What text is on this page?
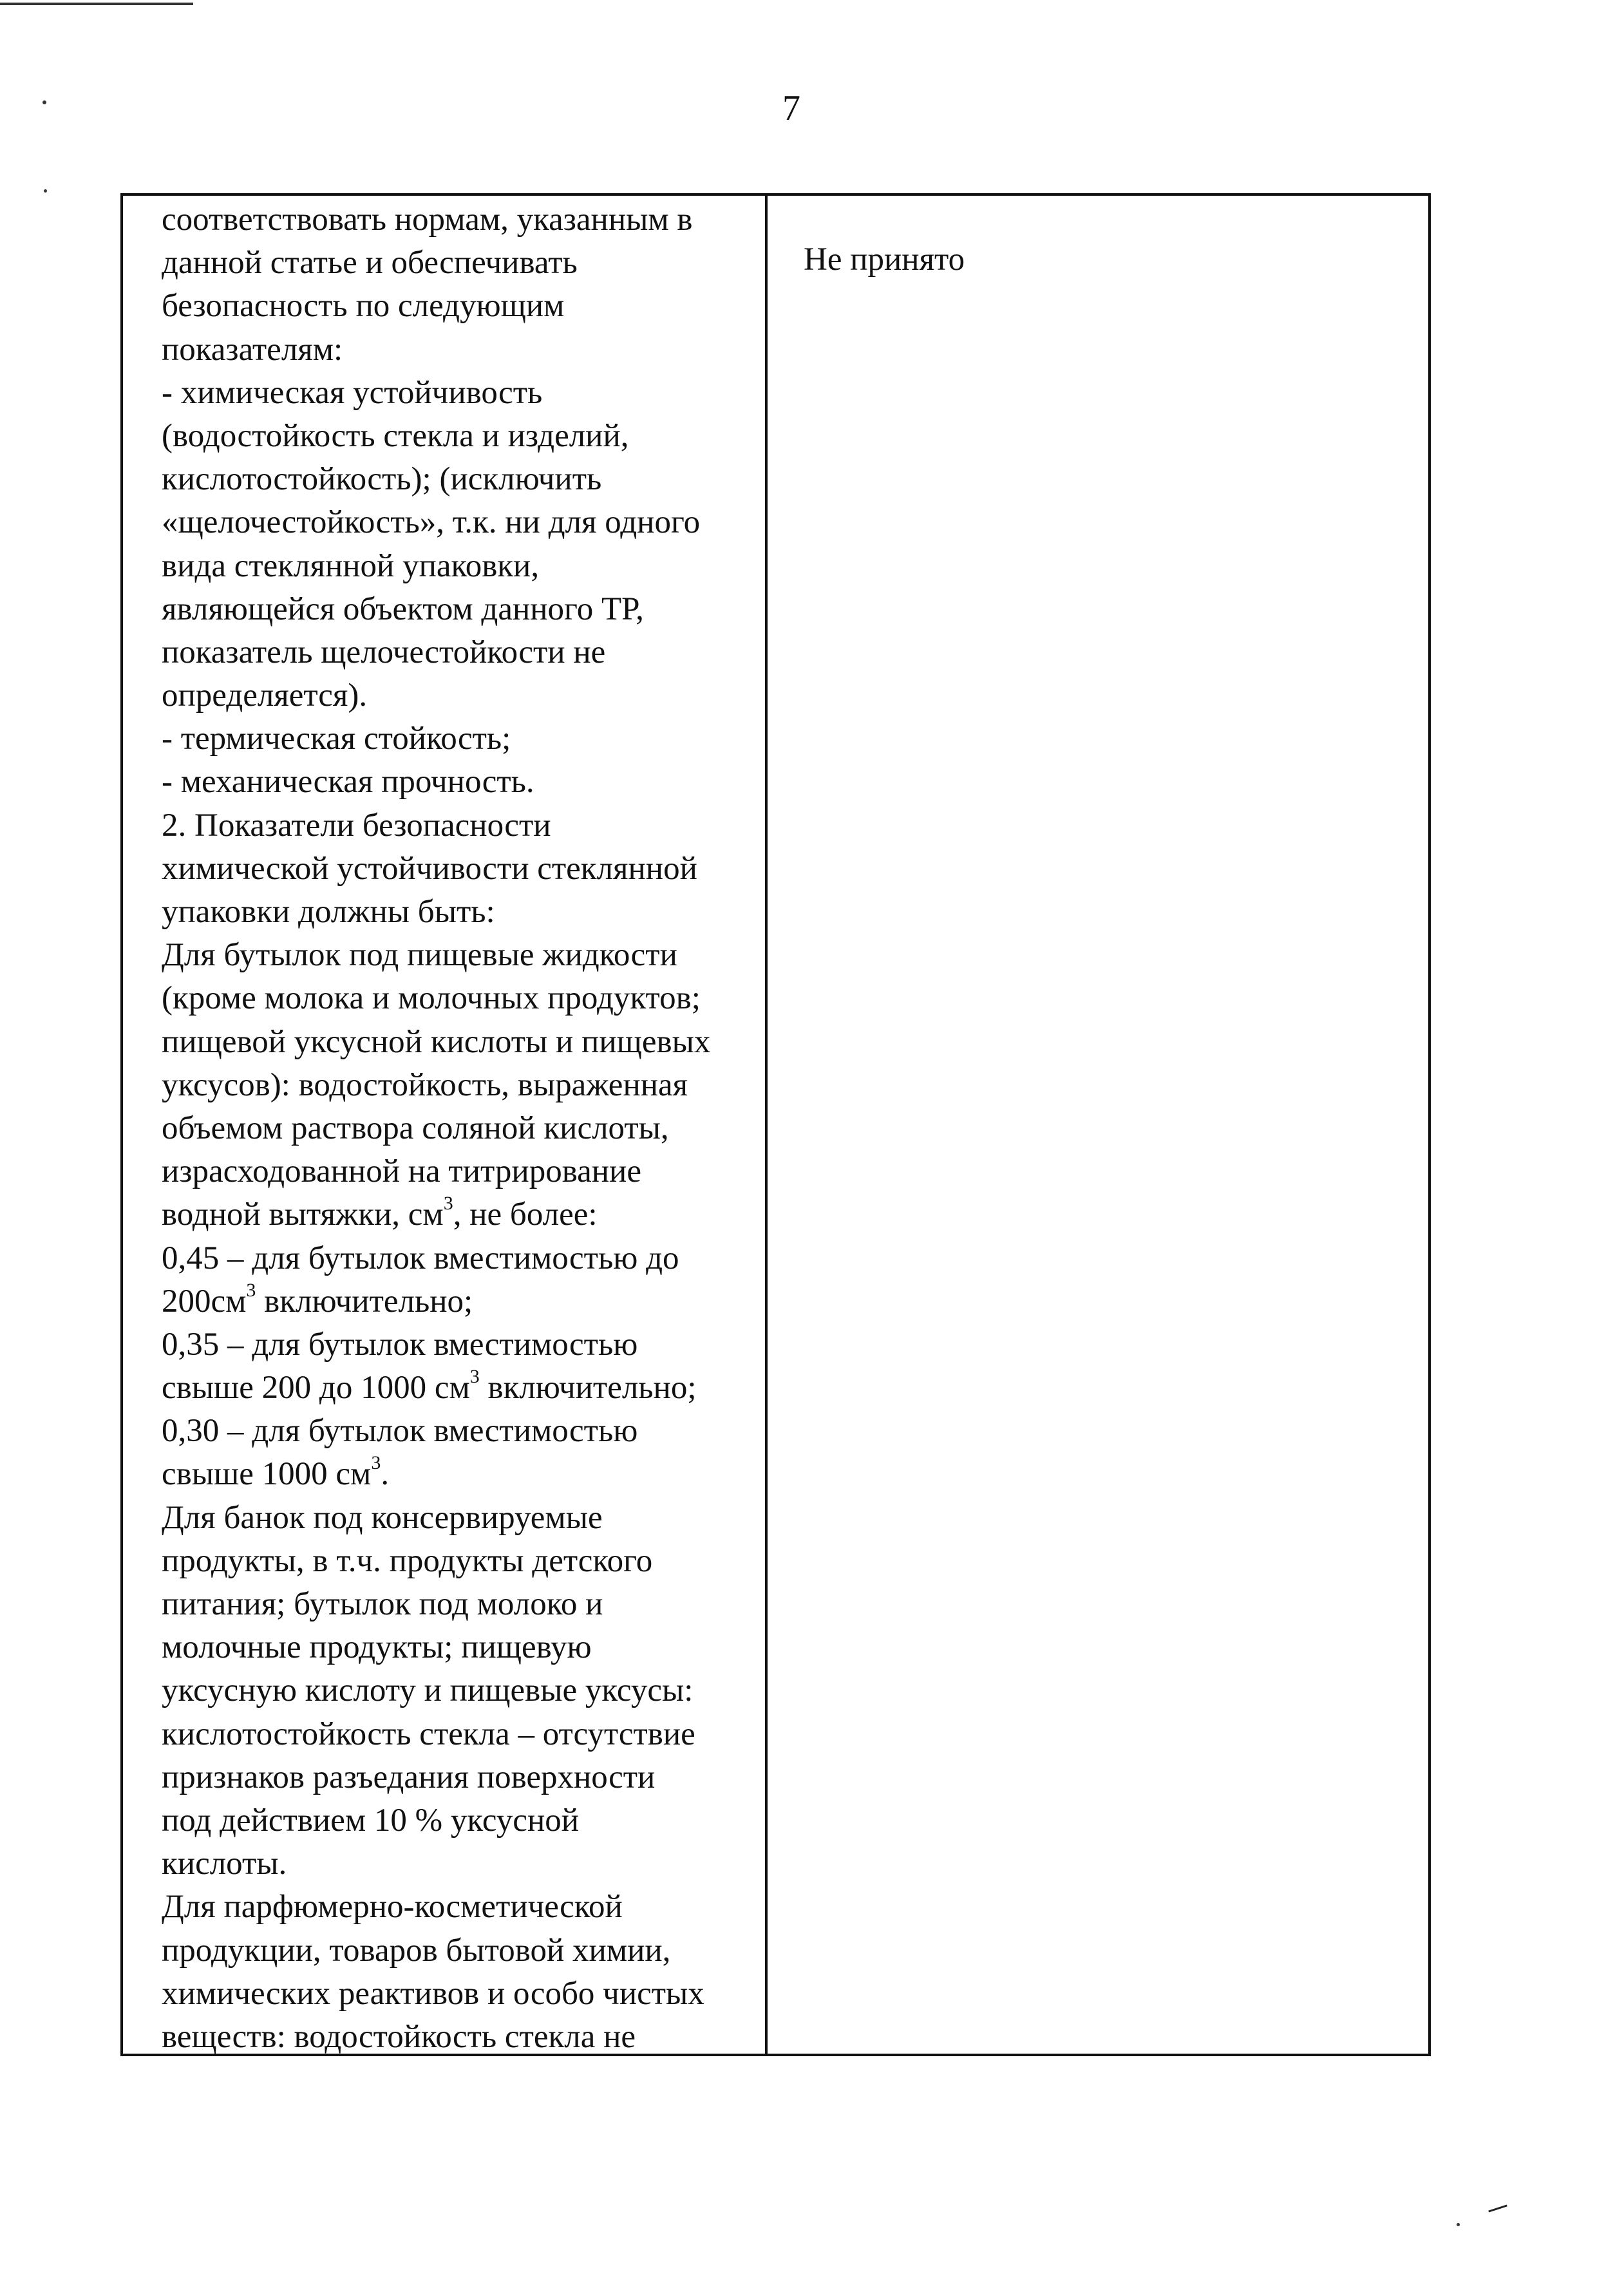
7
соответствовать нормам, указанным в
данной статье и обеспечивать
безопасность по следующим
показателям:
- химическая устойчивость
(водостойкость стекла и изделий,
кислотостойкость); (исключить
«щелочестойкость», т.к. ни для одного
вида стеклянной упаковки,
являющейся объектом данного ТР,
показатель щелочестойкости не
определяется).
- термическая стойкость;
- механическая прочность.
2. Показатели безопасности
химической устойчивости стеклянной
упаковки должны быть:
Для бутылок под пищевые жидкости
(кроме молока и молочных продуктов;
пищевой уксусной кислоты и пищевых
уксусов): водостойкость, выраженная
объемом раствора соляной кислоты,
израсходованной на титрирование
водной вытяжки, $см^3$, не более:
0,45 – для бутылок вместимостью до
$200см^3$ включительно;
0,35 – для бутылок вместимостью
свыше 200 до 1000 $см^3$ включительно;
0,30 – для бутылок вместимостью
свыше 1000 $см^3$.
Для банок под консервируемые
продукты, в т.ч. продукты детского
питания; бутылок под молоко и
молочные продукты; пищевую
уксусную кислоту и пищевые уксусы:
кислотостойкость стекла – отсутствие
признаков разъедания поверхности
под действием 10 % уксусной
кислоты.
Для парфюмерно-косметической
продукции, товаров бытовой химии,
химических реактивов и особо чистых
веществ: водостойкость стекла не
Не принято
